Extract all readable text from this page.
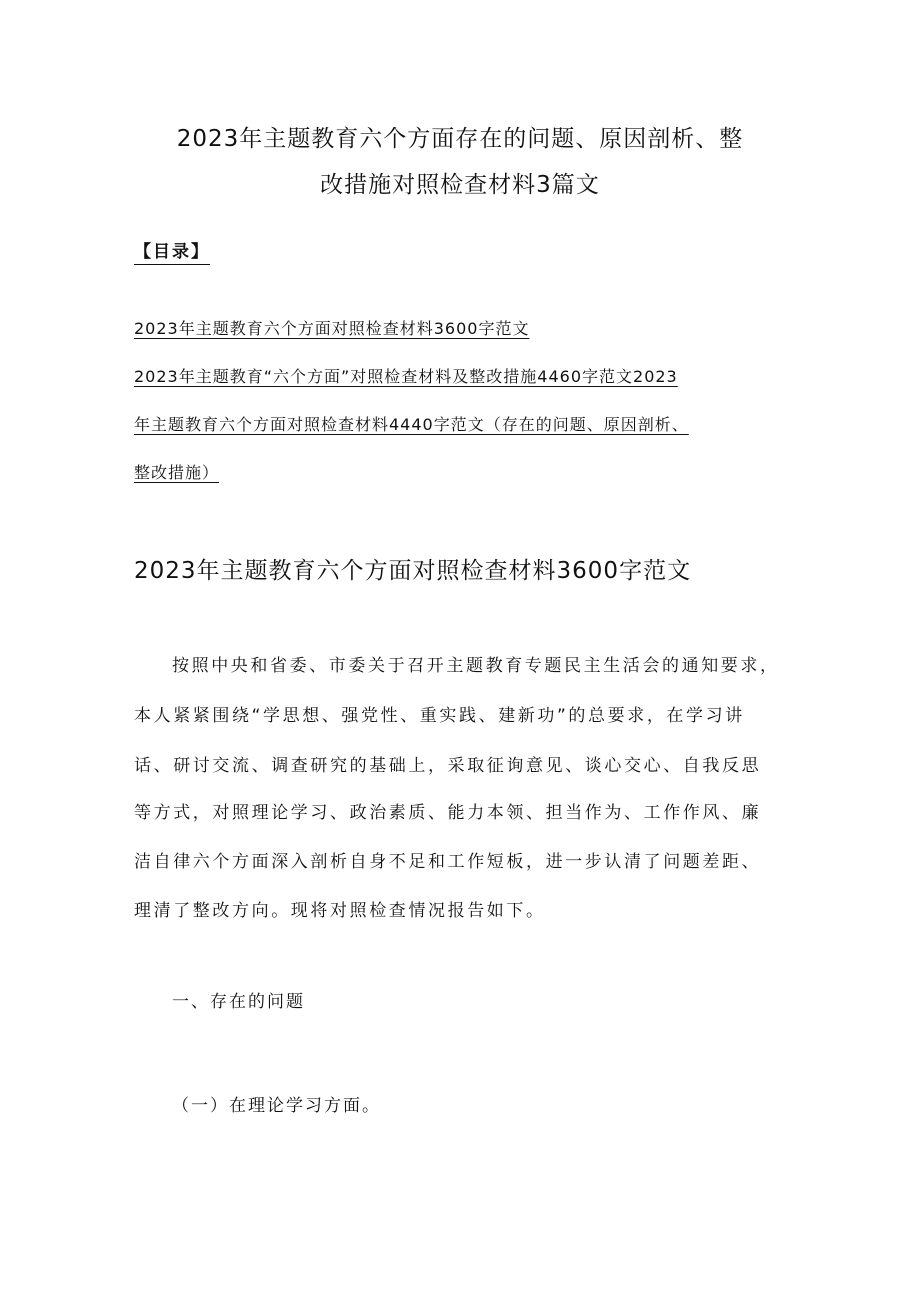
2023年主题教育六个方面存在的问题、原因剖析、整
改措施对照检查材料3篇文
【目录】
2023年主题教育六个方面对照检查材料3600字范文
2023年主题教育“六个方面”对照检查材料及整改措施4460字范文2023
年主题教育六个方面对照检查材料4440字范文（存在的问题、原因剖析、
整改措施）
2023年主题教育六个方面对照检查材料3600字范文
按照中央和省委、市委关于召开主题教育专题民主生活会的通知要求，
本人紧紧围绕“学思想、强党性、重实践、建新功”的总要求，在学习讲
话、研讨交流、调查研究的基础上，采取征询意见、谈心交心、自我反思
等方式，对照理论学习、政治素质、能力本领、担当作为、工作作风、廉
洁自律六个方面深入剖析自身不足和工作短板，进一步认清了问题差距、
理清了整改方向。现将对照检查情况报告如下。
一、存在的问题
（一）在理论学习方面。
